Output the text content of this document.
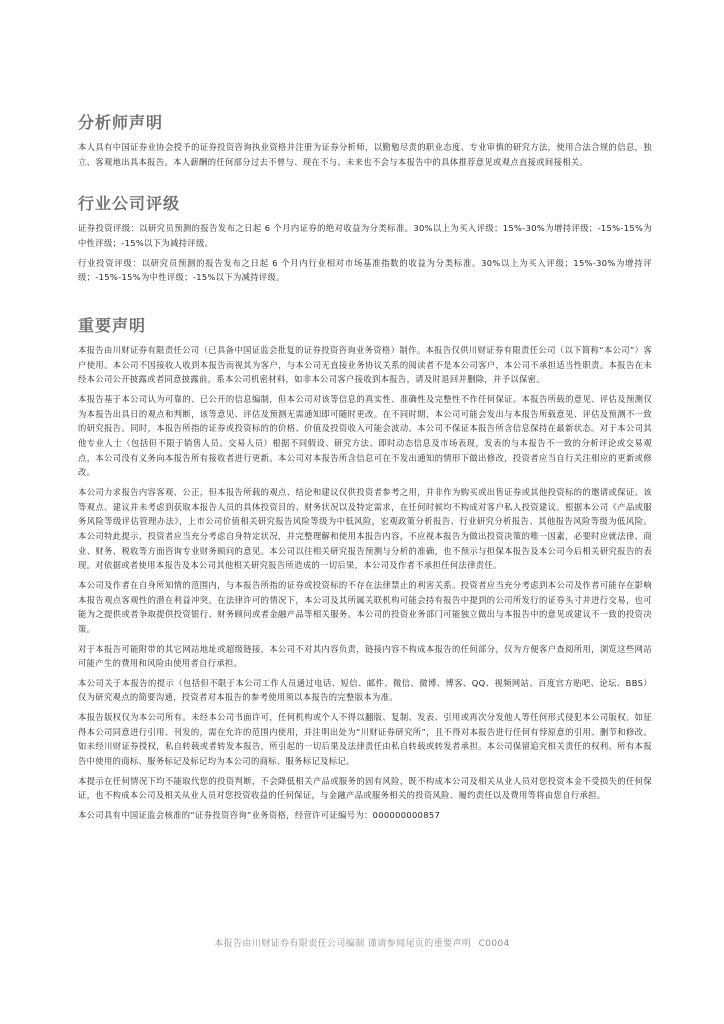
分析师声明

本人具有中国证券业协会授予的证券投资咨询执业资格并注册为证券分析师，以勤勉尽责的职业态度、专业审慎的研究方法，使用合法合规的信息，独立、客观地出具本报告。本人薪酬的任何部分过去不曾与、现在不与、未来也不会与本报告中的具体推荐意见或观点直接或间接相关。

行业公司评级

证券投资评级：以研究员预测的报告发布之日起 6 个月内证券的绝对收益为分类标准。30%以上为买入评级；15%-30%为增持评级；-15%-15%为中性评级；-15%以下为减持评级。

行业投资评级：以研究员预测的报告发布之日起 6 个月内行业相对市场基准指数的收益为分类标准。30%以上为买入评级；15%-30%为增持评级；-15%-15%为中性评级；-15%以下为减持评级。

重要声明

本报告由川财证券有限责任公司（已具备中国证监会批复的证券投资咨询业务资格）制作。本报告仅供川财证券有限责任公司（以下简称“本公司”）客户使用。本公司不因接收人收到本报告而视其为客户，与本公司无直接业务协议关系的阅读者不是本公司客户，本公司不承担适当性职责。本报告在未经本公司公开披露或者同意披露前，系本公司机密材料，如非本公司客户接收到本报告，请及时退回并删除，并予以保密。

本报告基于本公司认为可靠的、已公开的信息编制，但本公司对该等信息的真实性、准确性及完整性不作任何保证。本报告所载的意见、评估及预测仅为本报告出具日的观点和判断，该等意见、评估及预测无需通知即可随时更改。在不同时期，本公司可能会发出与本报告所载意见、评估及预测不一致的研究报告。同时，本报告所指的证券或投资标的的价格、价值及投资收入可能会波动。本公司不保证本报告所含信息保持在最新状态。对于本公司其他专业人士（包括但不限于销售人员、交易人员）根据不同假设、研究方法、即时动态信息及市场表现，发表的与本报告不一致的分析评论或交易观点，本公司没有义务向本报告所有接收者进行更新。本公司对本报告所含信息可在不发出通知的情形下做出修改，投资者应当自行关注相应的更新或修改。

本公司力求报告内容客观、公正，但本报告所载的观点、结论和建议仅供投资者参考之用，并非作为购买或出售证券或其他投资标的的邀请或保证。该等观点、建议并未考虑到获取本报告人员的具体投资目的、财务状况以及特定需求，在任何时候均不构成对客户私人投资建议。根据本公司《产品或服务风险等级评估管理办法》，上市公司价值相关研究报告风险等级为中低风险，宏观政策分析报告、行业研究分析报告、其他报告风险等级为低风险。本公司特此提示，投资者应当充分考虑自身特定状况，并完整理解和使用本报告内容，不应视本报告为做出投资决策的唯一因素，必要时应就法律、商业、财务、税收等方面咨询专业财务顾问的意见。本公司以往相关研究报告预测与分析的准确，也不预示与担保本报告及本公司今后相关研究报告的表现。对依据或者使用本报告及本公司其他相关研究报告所造成的一切后果，本公司及作者不承担任何法律责任。

本公司及作者在自身所知情的范围内，与本报告所指的证券或投资标的不存在法律禁止的利害关系。投资者应当充分考虑到本公司及作者可能存在影响本报告观点客观性的潜在利益冲突。在法律许可的情况下，本公司及其所属关联机构可能会持有报告中提到的公司所发行的证券头寸并进行交易，也可能为之提供或者争取提供投资银行、财务顾问或者金融产品等相关服务。本公司的投资业务部门可能独立做出与本报告中的意见或建议不一致的投资决策。

对于本报告可能附带的其它网站地址或超级链接，本公司不对其内容负责，链接内容不构成本报告的任何部分，仅为方便客户查阅所用，浏览这些网站可能产生的费用和风险由使用者自行承担。

本公司关于本报告的提示（包括但不限于本公司工作人员通过电话、短信、邮件、微信、微博、博客、QQ、视频网站、百度官方贴吧、论坛、BBS）仅为研究观点的简要沟通，投资者对本报告的参考使用须以本报告的完整版本为准。

本报告版权仅为本公司所有。未经本公司书面许可，任何机构或个人不得以翻版、复制、发表、引用或再次分发他人等任何形式侵犯本公司版权。如征得本公司同意进行引用、刊发的，需在允许的范围内使用，并注明出处为“川财证券研究所”，且不得对本报告进行任何有悖原意的引用、删节和修改。如未经川财证券授权，私自转载或者转发本报告，所引起的一切后果及法律责任由私自转载或转发者承担。本公司保留追究相关责任的权利。所有本报告中使用的商标、服务标记及标记均为本公司的商标、服务标记及标记。

本提示在任何情况下均不能取代您的投资判断，不会降低相关产品或服务的固有风险，既不构成本公司及相关从业人员对您投资本金不受损失的任何保证，也不构成本公司及相关从业人员对您投资收益的任何保证，与金融产品或服务相关的投资风险、履约责任以及费用等将由您自行承担。

本公司具有中国证监会核准的“证券投资咨询”业务资格，经营许可证编号为：000000000857

本报告由川财证券有限责任公司编制 谨请参阅尾页的重要声明 C0004
